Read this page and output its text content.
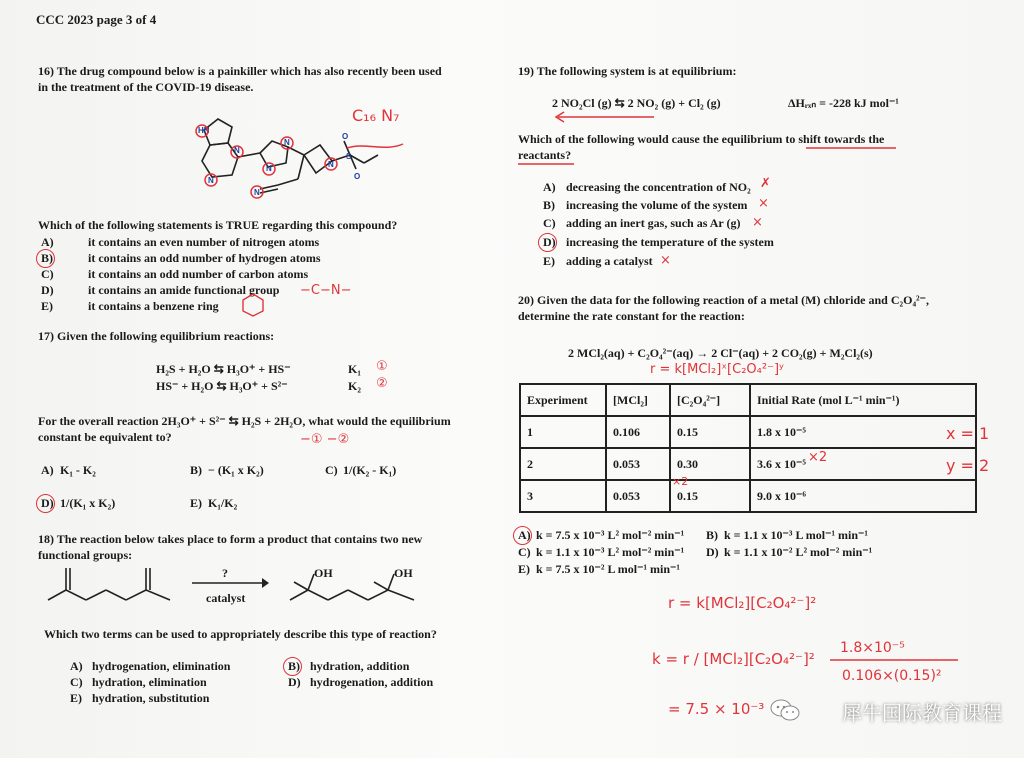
CCC 2023 page 3 of 4
16) The drug compound below is a painkiller which has also recently been used
in the treatment of the COVID-19 disease.
HN
N
N
N
N
N
N
O
O
S
C₁₆ N₇
Which of the following statements is TRUE regarding this compound?
A)	it contains an even number of nitrogen atoms
B)	it contains an odd number of hydrogen atoms
C)	it contains an odd number of carbon atoms
D)	it contains an amide functional group
E)	it contains a benzene ring
−C−N−
17) Given the following equilibrium reactions:
H₂S + H₂O ⇆ H₃O⁺ + HS⁻	K₁ ①
HS⁻ + H₂O ⇆ H₃O⁺ + S²⁻	K₂ ②
For the overall reaction 2H₃O⁺ + S²⁻ ⇆ H₂S + 2H₂O, what would the equilibrium
constant be equivalent to?	−① −②
A) K₁ - K₂	B) − (K₁ x K₂)	C) 1/(K₂ - K₁)
D) 1/(K₁ x K₂)	E) K₁/K₂
18) The reaction below takes place to form a product that contains two new
functional groups:
?
catalyst
OH	OH
Which two terms can be used to appropriately describe this type of reaction?
A) hydrogenation, elimination	B) hydration, addition
C) hydration, elimination	D) hydrogenation, addition
E) hydration, substitution
19) The following system is at equilibrium:
2 NO₂Cl (g) ⇆ 2 NO₂ (g) + Cl₂ (g)	ΔHᵣₓₙ = -228 kJ mol⁻¹
Which of the following would cause the equilibrium to shift towards the
reactants?
A) decreasing the concentration of NO₂
B) increasing the volume of the system
C) adding an inert gas, such as Ar (g)
D) increasing the temperature of the system
E) adding a catalyst
✗
×
×
×
20) Given the data for the following reaction of a metal (M) chloride and C₂O₄²⁻,
determine the rate constant for the reaction:
2 MCl₂(aq) + C₂O₄²⁻(aq) → 2 Cl⁻(aq) + 2 CO₂(g) + M₂Cl₂(s)
r = k[MCl₂]ˣ[C₂O₄²⁻]ʸ
Experiment	[MCl₂]	[C₂O₄²⁻]	Initial Rate (mol L⁻¹ min⁻¹)
1	0.106	0.15	1.8 x 10⁻⁵
2	0.053	0.30	3.6 x 10⁻⁵
3	0.053	0.15	9.0 x 10⁻⁶
×2
×2
x = 1
y = 2
A) k = 7.5 x 10⁻³ L² mol⁻² min⁻¹ B) k = 1.1 x 10⁻³ L mol⁻¹ min⁻¹
C) k = 1.1 x 10⁻³ L² mol⁻² min⁻¹ D) k = 1.1 x 10⁻² L² mol⁻² min⁻¹
E) k = 7.5 x 10⁻² L mol⁻¹ min⁻¹
r = k[MCl₂][C₂O₄²⁻]²
k = r / [MCl₂][C₂O₄²⁻]²
1.8×10⁻⁵
0.106×(0.15)²
= 7.5 × 10⁻³	犀牛国际教育课程
